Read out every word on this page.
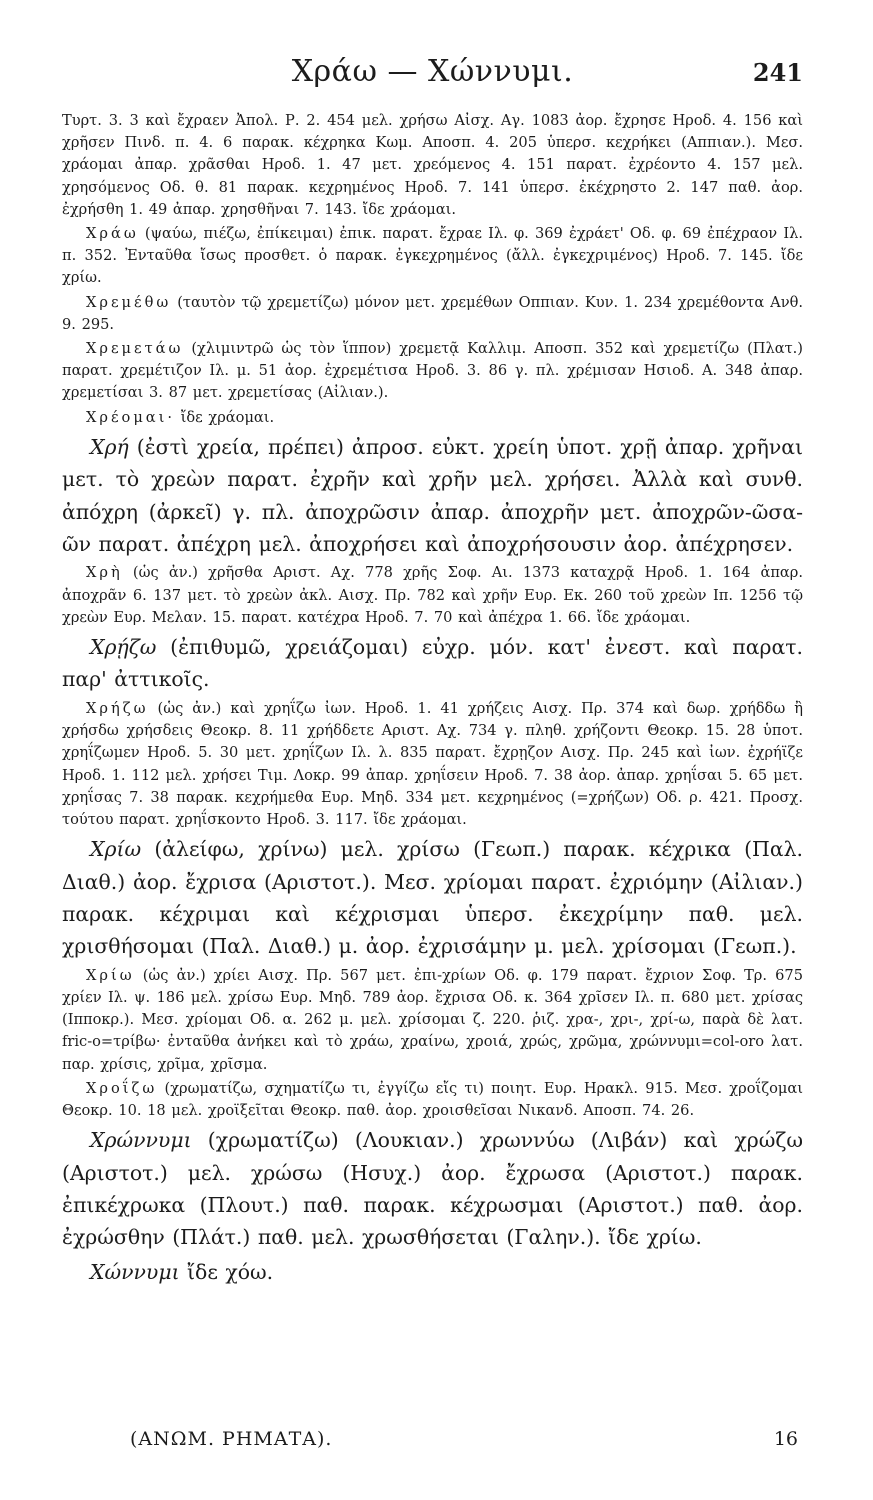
Χράω — Χώννυμι.	241

Τυρτ. 3. 3 καὶ ἔχραεν Ἀπολ. Ρ. 2. 454 μελ. χρήσω Αἰσχ. Αγ. 1083 ἀορ. ἔχρησε Ηροδ. 4. 156 καὶ χρῆσεν Πινδ. π. 4. 6 παρακ. κέχρηκα Κωμ. Αποσπ. 4. 205 ὑπερσ. κεχρήκει (Αππιαν.). Μεσ. χράομαι ἀπαρ. χρᾶσθαι Ηροδ. 1. 47 μετ. χρεόμενος 4. 151 παρατ. ἐχρέοντο 4. 157 μελ. χρησόμενος Οδ. θ. 81 παρακ. κεχρημένος Ηροδ. 7. 141 ὑπερσ. ἐκέχρηστο 2. 147 παθ. ἀορ. ἐχρήσθη 1. 49 ἀπαρ. χρησθῆναι 7. 143. ἴδε χράομαι.

Χράω (ψαύω, πιέζω, ἐπίκειμαι) ἐπικ. παρατ. ἔχραε Ιλ. φ. 369 ἐχράετ' Οδ. φ. 69 ἐπέχραον Ιλ. π. 352. Ἐνταῦθα ἴσως προσθετ. ὁ παρακ. ἐγκεχρημένος (ἄλλ. ἐγκεχριμένος) Ηροδ. 7. 145. ἴδε χρίω.

Χρεμέθω (ταυτὸν τῷ χρεμετίζω) μόνον μετ. χρεμέθων Οππιαν. Κυν. 1. 234 χρεμέθοντα Ανθ. 9. 295.

Χρεμετάω (χλιμιντρῶ ὡς τὸν ἵππον) χρεμετᾷ Καλλιμ. Αποσπ. 352 καὶ χρεμετίζω (Πλατ.) παρατ. χρεμέτιζον Ιλ. μ. 51 ἀορ. ἐχρεμέτισα Ηροδ. 3. 86 γ. πλ. χρέμισαν Ησιοδ. Α. 348 ἀπαρ. χρεμετίσαι 3. 87 μετ. χρεμετίσας (Αἰλιαν.).

Χρέομαι· ἴδε χράομαι.

Χρή (ἐστὶ χρεία, πρέπει) ἀπροσ. εὐκτ. χρείη ὑποτ. χρῇ ἀπαρ. χρῆναι μετ. τὸ χρεὼν παρατ. ἐχρῆν καὶ χρῆν μελ. χρήσει. Ἀλλὰ καὶ συνθ. ἀπόχρη (ἀρκεῖ) γ. πλ. ἀποχρῶσιν ἀπαρ. ἀποχρῆν μετ. ἀποχρῶν-ῶσα-ῶν παρατ. ἀπέχρη μελ. ἀποχρήσει καὶ ἀποχρήσουσιν ἀορ. ἀπέχρησεν.

Χρὴ (ὡς ἀν.) χρῆσθα Αριστ. Αχ. 778 χρῆς Σοφ. Αι. 1373 καταχρᾷ Ηροδ. 1. 164 ἀπαρ. ἀποχρᾶν 6. 137 μετ. τὸ χρεὼν ἀκλ. Αισχ. Πρ. 782 καὶ χρῆν Ευρ. Εκ. 260 τοῦ χρεὼν Ιπ. 1256 τῷ χρεὼν Ευρ. Μελαν. 15. παρατ. κατέχρα Ηροδ. 7. 70 καὶ ἀπέχρα 1. 66. ἴδε χράομαι.

Χρῄζω (ἐπιθυμῶ, χρειάζομαι) εὐχρ. μόν. κατ' ἐνεστ. καὶ παρατ. παρ' ἀττικοῖς.

Χρήζω (ὡς ἀν.) καὶ χρηΐζω ἰων. Ηροδ. 1. 41 χρήζεις Αισχ. Πρ. 374 καὶ δωρ. χρήδδω ἢ χρήσδω χρήσδεις Θεοκρ. 8. 11 χρήδδετε Αριστ. Αχ. 734 γ. πληθ. χρήζοντι Θεοκρ. 15. 28 ὑποτ. χρηΐζωμεν Ηροδ. 5. 30 μετ. χρηΐζων Ιλ. λ. 835 παρατ. ἔχρῃζον Αισχ. Πρ. 245 καὶ ἰων. ἐχρήϊζε Ηροδ. 1. 112 μελ. χρήσει Τιμ. Λοκρ. 99 ἀπαρ. χρηΐσειν Ηροδ. 7. 38 ἀορ. ἀπαρ. χρηΐσαι 5. 65 μετ. χρηΐσας 7. 38 παρακ. κεχρήμεθα Ευρ. Μηδ. 334 μετ. κεχρημένος (=χρήζων) Οδ. ρ. 421. Προσχ. τούτου παρατ. χρηΐσκοντο Ηροδ. 3. 117. ἴδε χράομαι.

Χρίω (ἀλείφω, χρίνω) μελ. χρίσω (Γεωπ.) παρακ. κέχρικα (Παλ. Διαθ.) ἀορ. ἔχρισα (Αριστοτ.). Μεσ. χρίομαι παρατ. ἐχριόμην (Αἰλιαν.) παρακ. κέχριμαι καὶ κέχρισμαι ὑπερσ. ἐκεχρίμην παθ. μελ. χρισθήσομαι (Παλ. Διαθ.) μ. ἀορ. ἐχρισάμην μ. μελ. χρίσομαι (Γεωπ.).

Χρίω (ὡς ἀν.) χρίει Αισχ. Πρ. 567 μετ. ἐπι-χρίων Οδ. φ. 179 παρατ. ἔχριον Σοφ. Τρ. 675 χρίεν Ιλ. ψ. 186 μελ. χρίσω Ευρ. Μηδ. 789 ἀορ. ἔχρισα Οδ. κ. 364 χρῖσεν Ιλ. π. 680 μετ. χρίσας (Ιπποκρ.). Μεσ. χρίομαι Οδ. α. 262 μ. μελ. χρίσομαι ζ. 220. ῥιζ. χρα-, χρι-, χρί-ω, παρὰ δὲ λατ. fric-o=τρίβω· ἐνταῦθα ἀνήκει καὶ τὸ χράω, χραίνω, χροιά, χρώς, χρῶμα, χρώννυμι=col-oro λατ. παρ. χρίσις, χρῖμα, χρῖσμα.

Χροΐζω (χρωματίζω, σχηματίζω τι, ἐγγίζω εἴς τι) ποιητ. Ευρ. Ηρακλ. 915. Μεσ. χροΐζομαι Θεοκρ. 10. 18 μελ. χροϊξεῖται Θεοκρ. παθ. ἀορ. χροισθεῖσαι Νικανδ. Αποσπ. 74. 26.

Χρώννυμι (χρωματίζω) (Λουκιαν.) χρωννύω (Λιβάν) καὶ χρώζω (Αριστοτ.) μελ. χρώσω (Ησυχ.) ἀορ. ἔχρωσα (Αριστοτ.) παρακ. ἐπικέχρωκα (Πλουτ.) παθ. παρακ. κέχρωσμαι (Αριστοτ.) παθ. ἀορ. ἐχρώσθην (Πλάτ.) παθ. μελ. χρωσθήσεται (Γαλην.). ἴδε χρίω.

Χώννυμι ἴδε χόω.

(ΑΝΩΜ. ΡΗΜΑΤΑ).	16
